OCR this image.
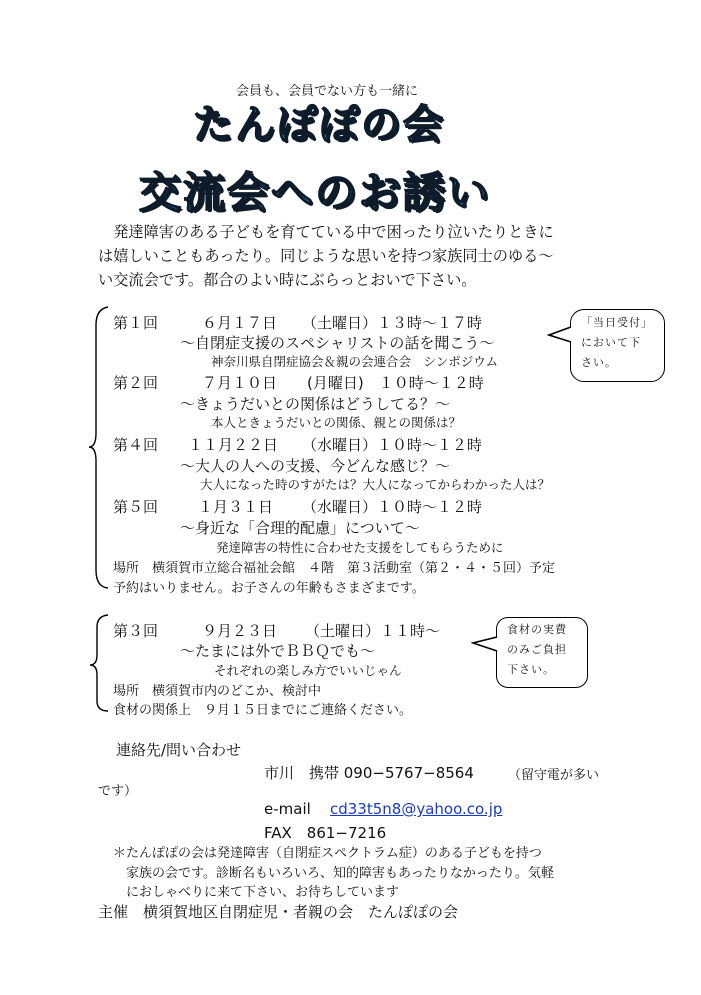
会員も、会員でない方も一緒に
たんぽぽの会
交流会へのお誘い
　発達障害のある子どもを育てている中で困ったり泣いたりときに
は嬉しいこともあったり。同じような思いを持つ家族同士のゆる〜
い交流会です。都合のよい時にぶらっとおいで下さい。
第１回	６月１７日 （土曜日）１３時〜１７時
〜自閉症支援のスペシャリストの話を聞こう〜
神奈川県自閉症協会＆親の会連合会　シンポジウム
第２回	７月１０日 (月曜日)　１０時〜１２時
〜きょうだいとの関係はどうしてる？〜
本人ときょうだいとの関係、親との関係は？
第４回 １１月２２日 （水曜日）１０時〜１２時
〜大人の人への支援、今どんな感じ？〜
大人になった時のすがたは？大人になってからわかった人は？
第５回	１月３１日 （水曜日）１０時〜１２時
〜身近な「合理的配慮」について〜
発達障害の特性に合わせた支援をしてもらうために
場所　横須賀市立総合福祉会館　４階　第３活動室（第２・４・５回）予定
予約はいりません。お子さんの年齢もさまざまです。
「当日受付」
において下
さい。
第３回	９月２３日 （土曜日）１１時〜
〜たまには外でＢＢＱでも〜
それぞれの楽しみ方でいいじゃん
場所　横須賀市内のどこか、検討中
食材の関係上　９月１５日までにご連絡ください。
食材の実費
のみご負担
下さい。
連絡先/問い合わせ
市川　携帯 090−5767−8564	（留守電が多い
です）
e-mail cd33t5n8@yahoo.co.jp
FAX　861−7216
＊たんぽぽの会は発達障害（自閉症スペクトラム症）のある子どもを持つ
家族の会です。診断名もいろいろ、知的障害もあったりなかったり。気軽
におしゃべりに来て下さい、お待ちしています
主催　横須賀地区自閉症児・者親の会　たんぽぽの会
